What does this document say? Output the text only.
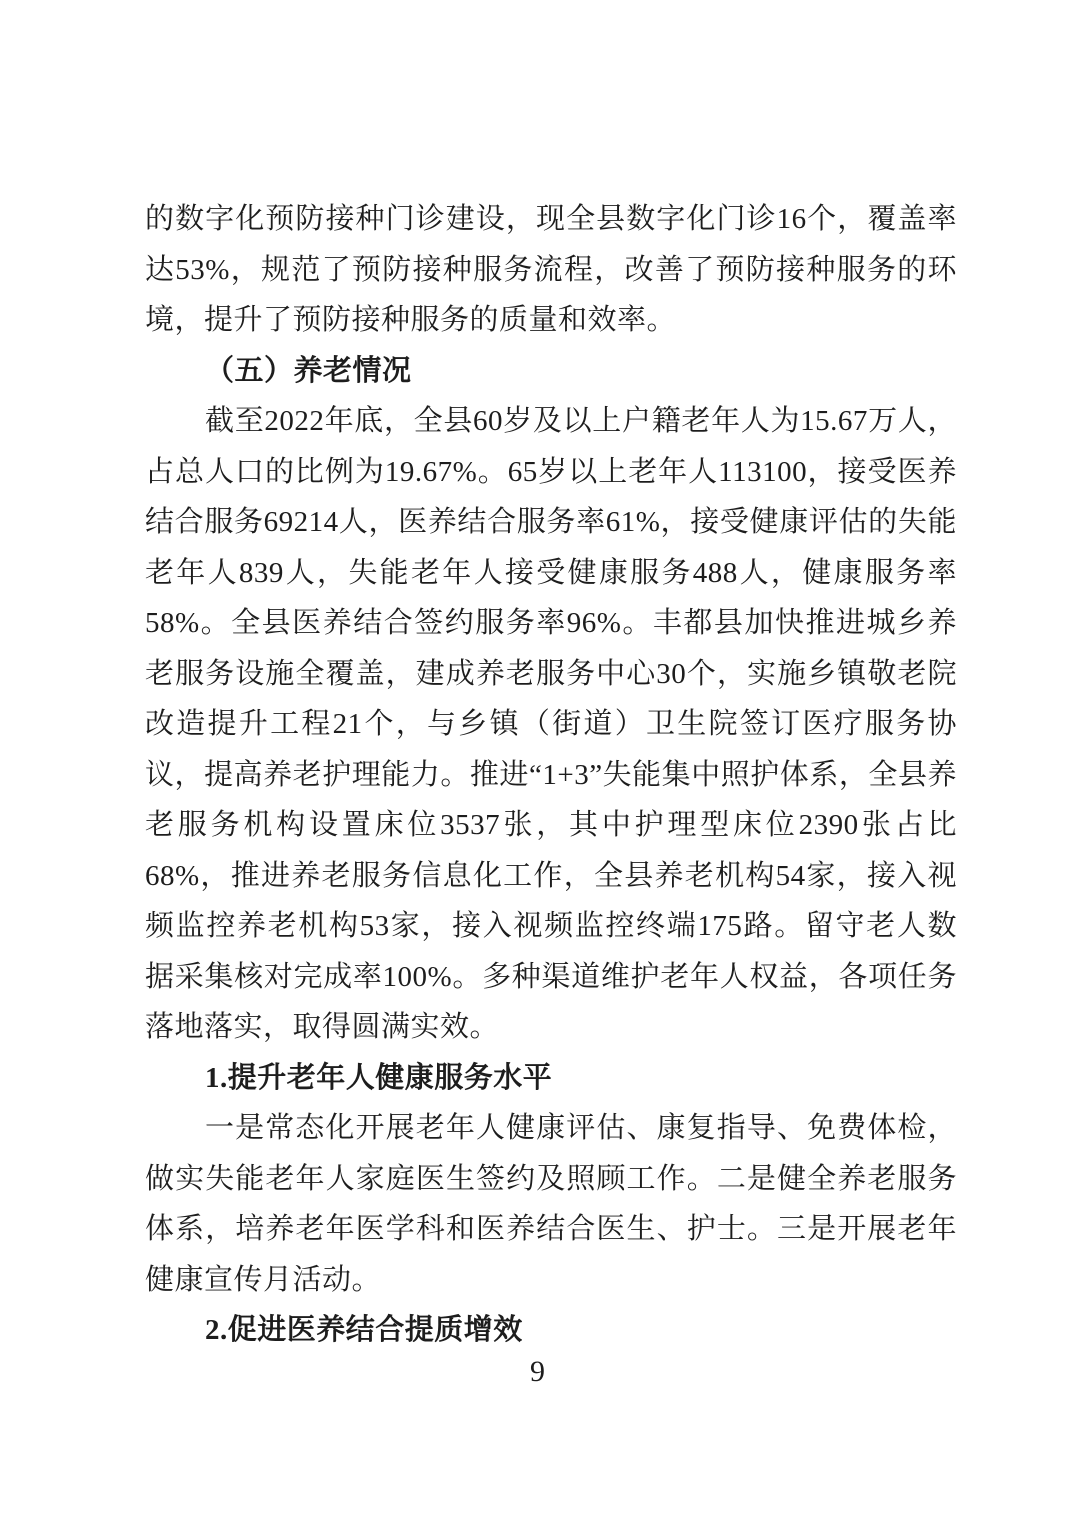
的数字化预防接种门诊建设，现全县数字化门诊16个，覆盖率达53%，规范了预防接种服务流程，改善了预防接种服务的环境，提升了预防接种服务的质量和效率。

（五）养老情况

截至2022年底，全县60岁及以上户籍老年人为15.67万人，占总人口的比例为19.67%。65岁以上老年人113100，接受医养结合服务69214人，医养结合服务率61%，接受健康评估的失能老年人839人，失能老年人接受健康服务488人，健康服务率58%。全县医养结合签约服务率96%。丰都县加快推进城乡养老服务设施全覆盖，建成养老服务中心30个，实施乡镇敬老院改造提升工程21个，与乡镇（街道）卫生院签订医疗服务协议，提高养老护理能力。推进“1+3”失能集中照护体系，全县养老服务机构设置床位3537张，其中护理型床位2390张占比68%，推进养老服务信息化工作，全县养老机构54家，接入视频监控养老机构53家，接入视频监控终端175路。留守老人数据采集核对完成率100%。多种渠道维护老年人权益，各项任务落地落实，取得圆满实效。

1.提升老年人健康服务水平

一是常态化开展老年人健康评估、康复指导、免费体检，做实失能老年人家庭医生签约及照顾工作。二是健全养老服务体系，培养老年医学科和医养结合医生、护士。三是开展老年健康宣传月活动。

2.促进医养结合提质增效
9
